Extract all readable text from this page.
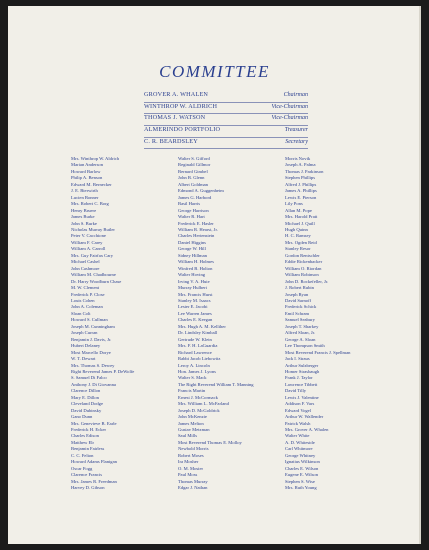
COMMITTEE
GROVER A. WHALEN	Chairman
WINTHROP W. ALDRICH	Vice-Chairman
THOMAS J. WATSON	Vice-Chairman
ALMERINDO PORTFOLIO	Treasurer
C. R. BEARDSLEY	Secretary
Mrs. Winthrop W. Aldrich
Marian Anderson
Howard Barlow
Philip A. Benson
Edward M. Bernecker
J. E. Bierwirth
Lucien Bonner
Mrs. Robert C. Borg
Henry Bruere
James Burke
John S. Burke
Nicholas Murray Butler
Peter V. Cacchione
William F. Carey
William A. Carroll
Mrs. Guy Fairfax Cary
Michael Cashel
John Cashmore
William M. Chadbourne
Dr. Harry Woodburn Chase
M. W. Clement
Frederick P. Close
Louis Cohen
John A. Coleman
Sloan Colt
Howard S. Cullman
Joseph M. Cunningham
Joseph Curran
Benjamin J. Davis, Jr.
Hubert Delaney
Most Marcello Dorye
W. T. Dewart
Mrs. Thomas S. Dewey
Right Reverend James P. DeWolfe
S. Samuel Di Falco
Anthony J. Di Giovanna
Clarence Dillon
Mary E. Dillon
Cleveland Dodge
David Dubinsky
Gano Dunn
Mrs. Genevieve B. Earle
Frederick H. Ecker
Charles Edison
Matthew Elr
Benjamin Fairless
C. C. Felton
Howard Adams Flanigan
Oscar Fogg
Clarence Francis
Mrs. James R. Freedman
Harvey D. Gibson
Walter S. Gifford
Reginald Gillmor
Bernard Gimbel
John B. Glenn
Albert Goldman
Edmond A. Guggenheim
James G. Harbord
Basil Harris
George Harrison
Walter R. Hart
Frederick E. Hasler
William R. Hearst, Jr.
Charles Hertenstein
Daniel Higgins
George W. Hill
Sidney Hillman
William H. Holmes
Winfred B. Holton
Walter Hoving
Irving V. A. Huie
Murray Hulbert
Mrs. Francis Hurst
Stanley M. Isaacs
Lester E. Jacobi
Lee Warren James
Charles E. Keegan
Mrs. Hugh A. M. Kelliher
Dr. Lindsley Kimball
Gertrude W. Klein
Mrs. F. H. LaGuardia
Richard Lawrence
Rabbi Jacob Liebowitz
Leroy A. Lincoln
Hon. James J. Lyons
Walter S. Mack
The Right Reverend William T. Manning
Francis Martin
Ernest J. McCormack
Mrs. William L. McFarland
Joseph D. McGoldrick
John McKenzie
James Melton
Gustav Metzman
Saul Mills
Most Reverend Thomas E. Molloy
Newbold Morris
Robert Moses
Ira Mosher
O. M. Mosier
Paul Moss
Thomas Murray
Edgar J. Nathan
Morris Novik
Joseph A. Palma
Thomas J. Parkinson
Stephen Phillips
Alfred J. Phillips
James A. Phillips
Lewis E. Pierson
Lily Pons
Allan M. Pope
Mrs. Harold Pratt
Michael J. Quill
Hugh Quinn
H. C. Ramsey
Mrs. Ogden Reid
Stanley Resor
Gordon Rentschler
Eddie Rickenbacker
William O. Riordan
William Robinson
John D. Rockefeller, Jr.
J. Robert Rubin
Joseph Ryan
David Sarnoff
Frederick Schick
Emil Schram
Samuel Seabury
Joseph T. Sharkey
Alfred Sloan, Jr.
George A. Sloan
Lee Thompson Smith
Most Reverend Francis J. Spellman
Jack I. Straus
Arthur Sulzberger
Homer Strasbaugh
Frank J. Taylor
Lawrence Tibbett
David Tilly
Lewis J. Valentine
Addison F. Vars
Edward Vogel
Arthur W. Wallender
Patrick Walsh
Mrs. Grover A. Whalen
Walter White
A. D. Whiteside
Carl Whitmore
George Whitney
Ignatius Wilkinson
Charles E. Wilson
Eugene E. Wilson
Stephen S. Wise
Mrs. Ruth Young
